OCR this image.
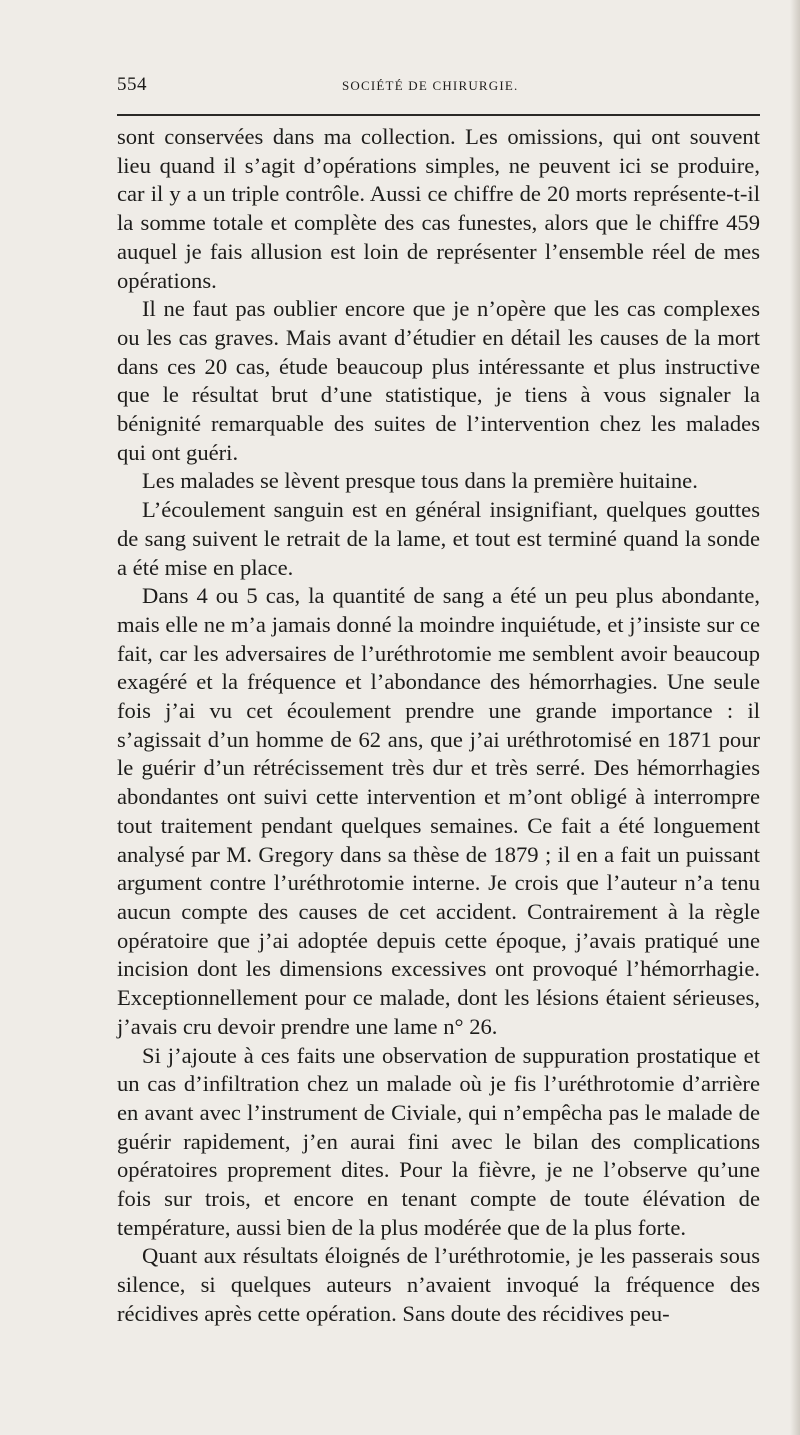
554	SOCIÉTÉ DE CHIRURGIE.

sont conservées dans ma collection. Les omissions, qui ont souvent lieu quand il s’agit d’opérations simples, ne peuvent ici se produire, car il y a un triple contrôle. Aussi ce chiffre de 20 morts représente-t-il la somme totale et complète des cas funestes, alors que le chiffre 459 auquel je fais allusion est loin de représenter l’ensemble réel de mes opérations.

Il ne faut pas oublier encore que je n’opère que les cas complexes ou les cas graves. Mais avant d’étudier en détail les causes de la mort dans ces 20 cas, étude beaucoup plus intéressante et plus instructive que le résultat brut d’une statistique, je tiens à vous signaler la bénignité remarquable des suites de l’intervention chez les malades qui ont guéri.

Les malades se lèvent presque tous dans la première huitaine.

L’écoulement sanguin est en général insignifiant, quelques gouttes de sang suivent le retrait de la lame, et tout est terminé quand la sonde a été mise en place.

Dans 4 ou 5 cas, la quantité de sang a été un peu plus abondante, mais elle ne m’a jamais donné la moindre inquiétude, et j’insiste sur ce fait, car les adversaires de l’uréthrotomie me semblent avoir beaucoup exagéré et la fréquence et l’abondance des hémorrhagies. Une seule fois j’ai vu cet écoulement prendre une grande importance : il s’agissait d’un homme de 62 ans, que j’ai uréthrotomisé en 1871 pour le guérir d’un rétrécissement très dur et très serré. Des hémorrhagies abondantes ont suivi cette intervention et m’ont obligé à interrompre tout traitement pendant quelques semaines. Ce fait a été longuement analysé par M. Gregory dans sa thèse de 1879 ; il en a fait un puissant argument contre l’uréthrotomie interne. Je crois que l’auteur n’a tenu aucun compte des causes de cet accident. Contrairement à la règle opératoire que j’ai adoptée depuis cette époque, j’avais pratiqué une incision dont les dimensions excessives ont provoqué l’hémorrhagie. Exceptionnellement pour ce malade, dont les lésions étaient sérieuses, j’avais cru devoir prendre une lame n° 26.

Si j’ajoute à ces faits une observation de suppuration prostatique et un cas d’infiltration chez un malade où je fis l’uréthrotomie d’arrière en avant avec l’instrument de Civiale, qui n’empêcha pas le malade de guérir rapidement, j’en aurai fini avec le bilan des complications opératoires proprement dites. Pour la fièvre, je ne l’observe qu’une fois sur trois, et encore en tenant compte de toute élévation de température, aussi bien de la plus modérée que de la plus forte.

Quant aux résultats éloignés de l’uréthrotomie, je les passerais sous silence, si quelques auteurs n’avaient invoqué la fréquence des récidives après cette opération. Sans doute des récidives peu-
